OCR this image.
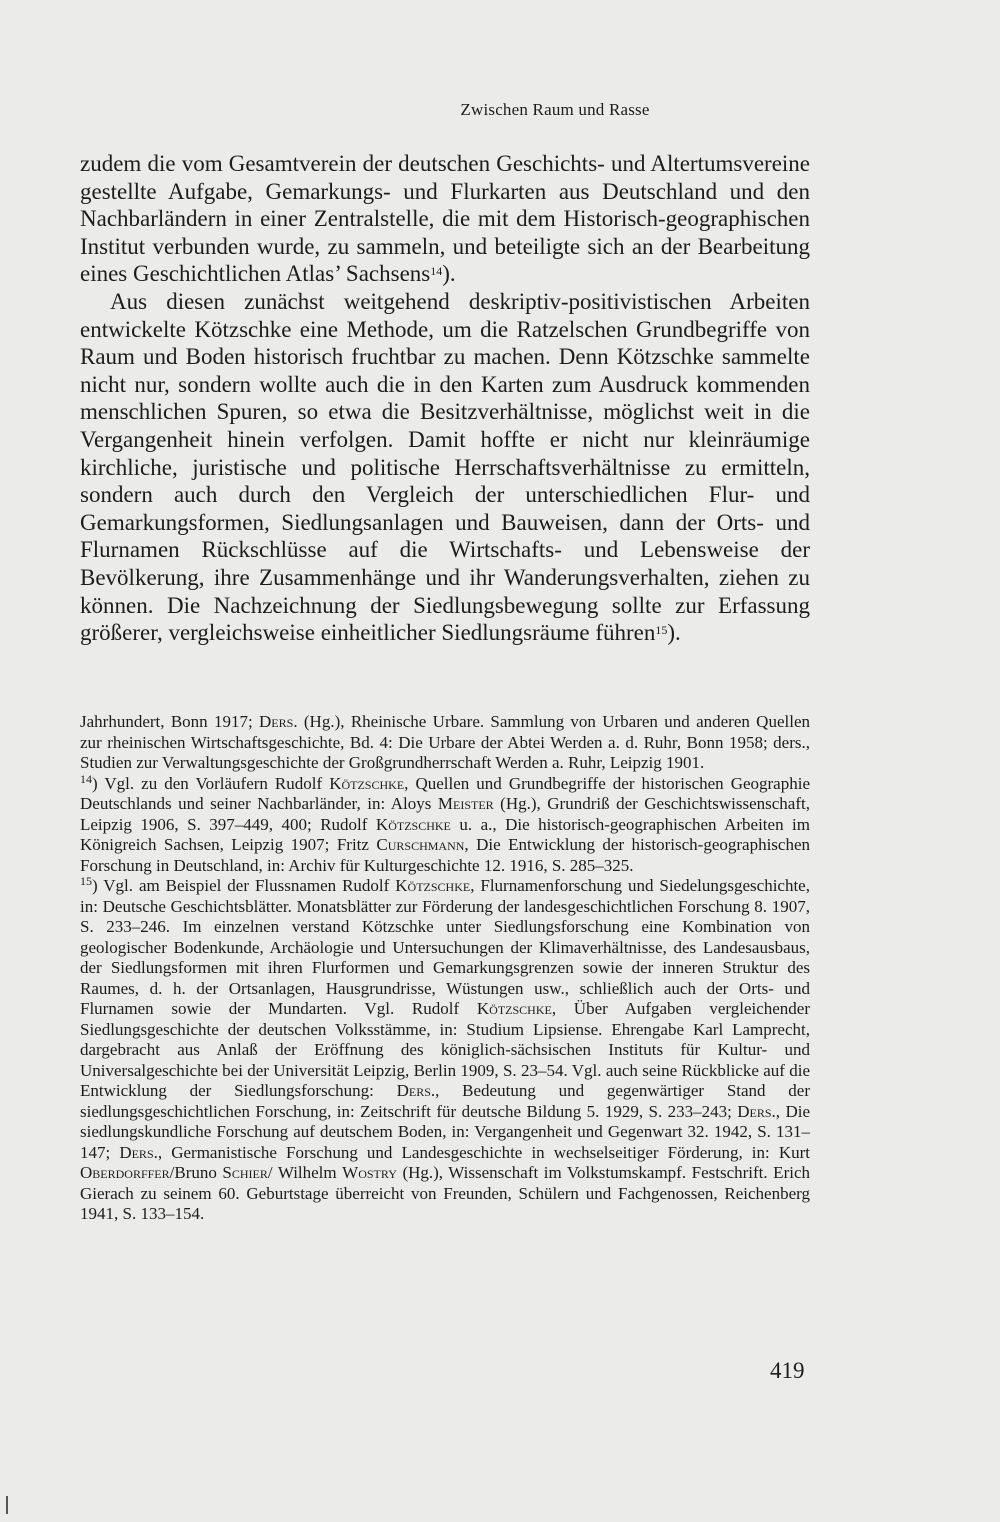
Zwischen Raum und Rasse

zudem die vom Gesamtverein der deutschen Geschichts- und Altertumsvereine gestellte Aufgabe, Gemarkungs- und Flurkarten aus Deutschland und den Nachbarländern in einer Zentralstelle, die mit dem Historisch-geographischen Institut verbunden wurde, zu sammeln, und beteiligte sich an der Bearbeitung eines Geschichtlichen Atlas’ Sachsens$^{14}$).

Aus diesen zunächst weitgehend deskriptiv-positivistischen Arbeiten entwickelte Kötzschke eine Methode, um die Ratzelschen Grundbegriffe von Raum und Boden historisch fruchtbar zu machen. Denn Kötzschke sammelte nicht nur, sondern wollte auch die in den Karten zum Ausdruck kommenden menschlichen Spuren, so etwa die Besitzverhältnisse, möglichst weit in die Vergangenheit hinein verfolgen. Damit hoffte er nicht nur kleinräumige kirchliche, juristische und politische Herrschaftsverhältnisse zu ermitteln, sondern auch durch den Vergleich der unterschiedlichen Flur- und Gemarkungsformen, Siedlungsanlagen und Bauweisen, dann der Orts- und Flurnamen Rückschlüsse auf die Wirtschafts- und Lebensweise der Bevölkerung, ihre Zusammenhänge und ihr Wanderungsverhalten, ziehen zu können. Die Nachzeichnung der Siedlungsbewegung sollte zur Erfassung größerer, vergleichsweise einheitlicher Siedlungsräume führen$^{15}$).

Jahrhundert, Bonn 1917; Ders. (Hg.), Rheinische Urbare. Sammlung von Urbaren und anderen Quellen zur rheinischen Wirtschaftsgeschichte, Bd. 4: Die Urbare der Abtei Werden a. d. Ruhr, Bonn 1958; ders., Studien zur Verwaltungsgeschichte der Großgrundherrschaft Werden a. Ruhr, Leipzig 1901.

$^{14}$) Vgl. zu den Vorläufern Rudolf Kötzschke, Quellen und Grundbegriffe der historischen Geographie Deutschlands und seiner Nachbarländer, in: Aloys Meister (Hg.), Grundriß der Geschichtswissenschaft, Leipzig 1906, S. 397–449, 400; Rudolf Kötzschke u. a., Die historisch-geographischen Arbeiten im Königreich Sachsen, Leipzig 1907; Fritz Curschmann, Die Entwicklung der historisch-geographischen Forschung in Deutschland, in: Archiv für Kulturgeschichte 12. 1916, S. 285–325.

$^{15}$) Vgl. am Beispiel der Flussnamen Rudolf Kötzschke, Flurnamenforschung und Siedelungsgeschichte, in: Deutsche Geschichtsblätter. Monatsblätter zur Förderung der landesgeschichtlichen Forschung 8. 1907, S. 233–246. Im einzelnen verstand Kötzschke unter Siedlungsforschung eine Kombination von geologischer Bodenkunde, Archäologie und Untersuchungen der Klimaverhältnisse, des Landesausbaus, der Siedlungsformen mit ihren Flurformen und Gemarkungsgrenzen sowie der inneren Struktur des Raumes, d. h. der Ortsanlagen, Hausgrundrisse, Wüstungen usw., schließlich auch der Orts- und Flurnamen sowie der Mundarten. Vgl. Rudolf Kötzschke, Über Aufgaben vergleichender Siedlungsgeschichte der deutschen Volksstämme, in: Studium Lipsiense. Ehrengabe Karl Lamprecht, dargebracht aus Anlaß der Eröffnung des königlich-sächsischen Instituts für Kultur- und Universalgeschichte bei der Universität Leipzig, Berlin 1909, S. 23–54. Vgl. auch seine Rückblicke auf die Entwicklung der Siedlungsforschung: Ders., Bedeutung und gegenwärtiger Stand der siedlungsgeschichtlichen Forschung, in: Zeitschrift für deutsche Bildung 5. 1929, S. 233–243; Ders., Die siedlungskundliche Forschung auf deutschem Boden, in: Vergangenheit und Gegenwart 32. 1942, S. 131–147; Ders., Germanistische Forschung und Landesgeschichte in wechselseitiger Förderung, in: Kurt Oberdorffer/Bruno Schier/ Wilhelm Wostry (Hg.), Wissenschaft im Volkstumskampf. Festschrift. Erich Gierach zu seinem 60. Geburtstage überreicht von Freunden, Schülern und Fachgenossen, Reichenberg 1941, S. 133–154.

419
